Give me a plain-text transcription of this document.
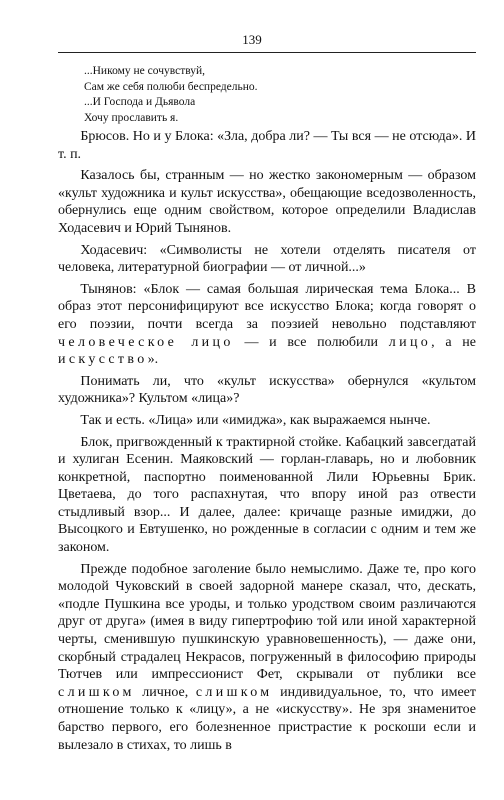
139
...Никому не сочувствуй,
Сам же себя полюби беспредельно.
...И Господа и Дьявола
Хочу прославить я.

Брюсов. Но и у Блока: «Зла, добра ли? — Ты вся — не отсюда». И т. п.

Казалось бы, странным — но жестко закономерным — образом «культ художника и культ искусства», обещающие вседозволенность, обернулись еще одним свойством, которое определили Владислав Ходасевич и Юрий Тынянов.

Ходасевич: «Символисты не хотели отделять писателя от человека, литературной биографии — от личной...»

Тынянов: «Блок — самая большая лирическая тема Блока... В образ этот персонифицируют все искусство Блока; когда говорят о его поэзии, почти всегда за поэзией невольно подставляют человеческое лицо — и все полюбили лицо, а не искусство».

Понимать ли, что «культ искусства» обернулся «культом художника»? Культом «лица»?

Так и есть. «Лица» или «имиджа», как выражаемся нынче.

Блок, пригвожденный к трактирной стойке. Кабацкий завсегдатай и хулиган Есенин. Маяковский — горлан-главарь, но и любовник конкретной, паспортно поименованной Лили Юрьевны Брик. Цветаева, до того распахнутая, что впору иной раз отвести стыдливый взор... И далее, далее: кричаще разные имиджи, до Высоцкого и Евтушенко, но рожденные в согласии с одним и тем же законом.

Прежде подобное заголение было немыслимо. Даже те, про кого молодой Чуковский в своей задорной манере сказал, что, дескать, «подле Пушкина все уроды, и только уродством своим различаются друг от друга» (имея в виду гипертрофию той или иной характерной черты, сменившую пушкинскую уравновешенность), — даже они, скорбный страдалец Некрасов, погруженный в философию природы Тютчев или импрессионист Фет, скрывали от публики все слишком личное, слишком индивидуальное, то, что имеет отношение только к «лицу», а не «искусству». Не зря знаменитое барство первого, его болезненное пристрастие к роскоши если и вылезало в стихах, то лишь в
